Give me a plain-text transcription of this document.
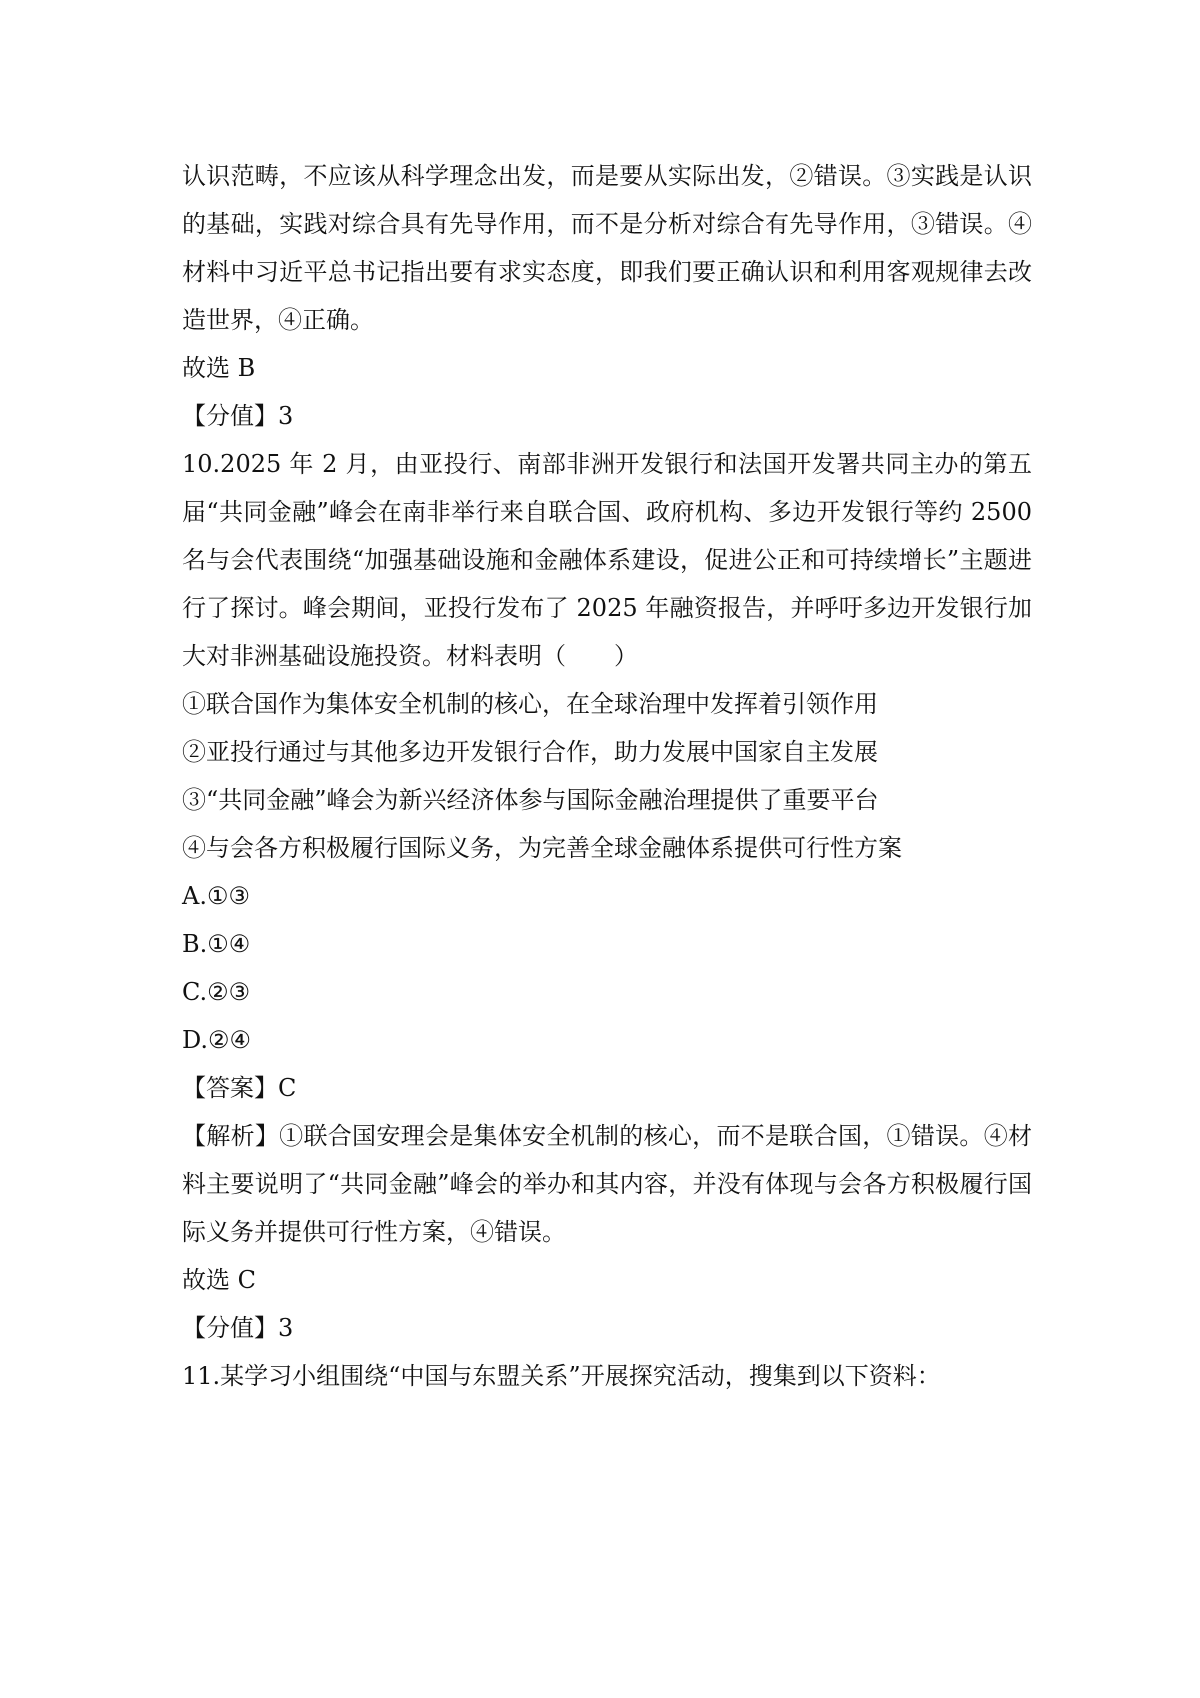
认识范畴，不应该从科学理念出发，而是要从实际出发，②错误。③实践是认识的基础，实践对综合具有先导作用，而不是分析对综合有先导作用，③错误。④材料中习近平总书记指出要有求实态度，即我们要正确认识和利用客观规律去改造世界，④正确。

故选 B

【分值】3

10.2025 年 2 月，由亚投行、南部非洲开发银行和法国开发署共同主办的第五届“共同金融”峰会在南非举行来自联合国、政府机构、多边开发银行等约 2500 名与会代表围绕“加强基础设施和金融体系建设，促进公正和可持续增长”主题进行了探讨。峰会期间，亚投行发布了 2025 年融资报告，并呼吁多边开发银行加大对非洲基础设施投资。材料表明（　　）

①联合国作为集体安全机制的核心，在全球治理中发挥着引领作用

②亚投行通过与其他多边开发银行合作，助力发展中国家自主发展

③“共同金融”峰会为新兴经济体参与国际金融治理提供了重要平台

④与会各方积极履行国际义务，为完善全球金融体系提供可行性方案

A.①③

B.①④

C.②③

D.②④

【答案】C

【解析】①联合国安理会是集体安全机制的核心，而不是联合国，①错误。④材料主要说明了“共同金融”峰会的举办和其内容，并没有体现与会各方积极履行国际义务并提供可行性方案，④错误。

故选 C

【分值】3

11.某学习小组围绕“中国与东盟关系”开展探究活动，搜集到以下资料：
